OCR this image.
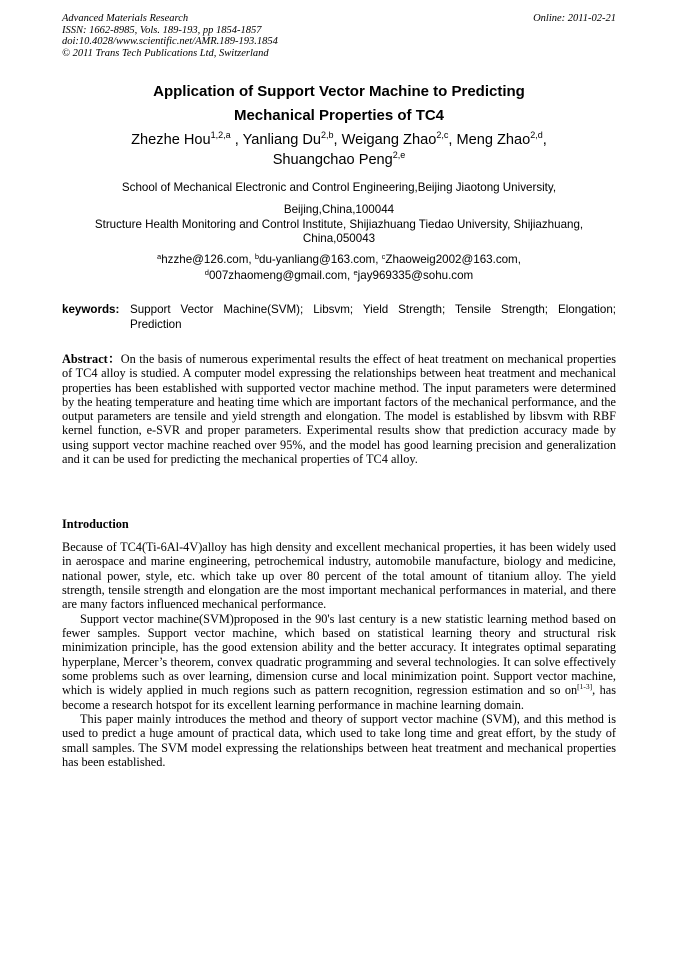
Advanced Materials Research
ISSN: 1662-8985, Vols. 189-193, pp 1854-1857
doi:10.4028/www.scientific.net/AMR.189-193.1854
© 2011 Trans Tech Publications Ltd, Switzerland
Online: 2011-02-21
Application of Support Vector Machine to Predicting
Mechanical Properties of TC4
Zhezhe Hou$^{1,2,a}$ , Yanliang Du$^{2,b}$, Weigang Zhao$^{2,c}$, Meng Zhao$^{2,d}$,
Shuangchao Peng$^{2,e}$
School of Mechanical Electronic and Control Engineering,Beijing Jiaotong University,
Beijing,China,100044
Structure Health Monitoring and Control Institute, Shijiazhuang Tiedao University, Shijiazhuang, China,050043
$^a$hzzhe@126.com, $^b$du-yanliang@163.com, $^c$Zhaoweig2002@163.com,
$^d$007zhaomeng@gmail.com, $^e$jay969335@sohu.com
keywords: Support Vector Machine(SVM); Libsvm; Yield Strength; Tensile Strength; Elongation; Prediction
Abstract：On the basis of numerous experimental results the effect of heat treatment on mechanical properties of TC4 alloy is studied. A computer model expressing the relationships between heat treatment and mechanical properties has been established with supported vector machine method. The input parameters were determined by the heating temperature and heating time which are important factors of the mechanical performance, and the output parameters are tensile and yield strength and elongation. The model is established by libsvm with RBF kernel function, e-SVR and proper parameters. Experimental results show that prediction accuracy made by using support vector machine reached over 95%, and the model has good learning precision and generalization and it can be used for predicting the mechanical properties of TC4 alloy.
Introduction

Because of TC4(Ti-6Al-4V)alloy has high density and excellent mechanical properties, it has been widely used in aerospace and marine engineering, petrochemical industry, automobile manufacture, biology and medicine, national power, style, etc. which take up over 80 percent of the total amount of titanium alloy. The yield strength, tensile strength and elongation are the most important mechanical performances in material, and there are many factors influenced mechanical performance.

Support vector machine(SVM)proposed in the 90's last century is a new statistic learning method based on fewer samples. Support vector machine, which based on statistical learning theory and structural risk minimization principle, has the good extension ability and the better accuracy. It integrates optimal separating hyperplane, Mercer’s theorem, convex quadratic programming and several technologies. It can solve effectively some problems such as over learning, dimension curse and local minimization point. Support vector machine, which is widely applied in much regions such as pattern recognition, regression estimation and so on[1-3], has become a research hotspot for its excellent learning performance in machine learning domain.

This paper mainly introduces the method and theory of support vector machine (SVM), and this method is used to predict a huge amount of practical data, which used to take long time and great effort, by the study of small samples. The SVM model expressing the relationships between heat treatment and mechanical properties has been established.
